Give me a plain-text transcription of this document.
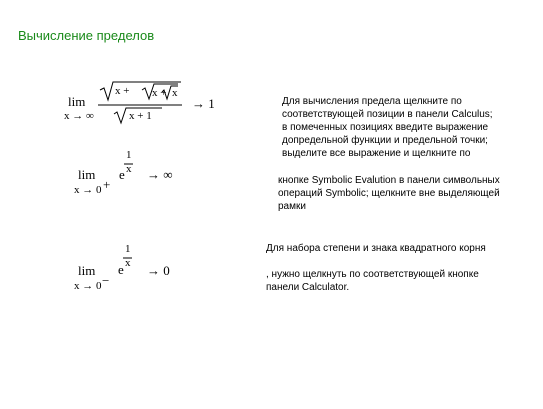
Вычисление пределов
lim
x → ∞
x + x + x
x + 1
→ 1
lim
x → 0 +
e
1
x → ∞
lim
x → 0 −
e
1
x → 0
Для вычисления предела щелкните по
соответствующей позиции в панели Calculus;
в помеченных позициях введите выражение
допредельной функции и предельной точки;
выделите все выражение и щелкните по
кнопке Symbolic Evalution в панели символьных
операций Symbolic; щелкните вне выделяющей
рамки
Для набора степени и знака квадратного корня
, нужно щелкнуть по соответствующей кнопке
панели Calculator.
